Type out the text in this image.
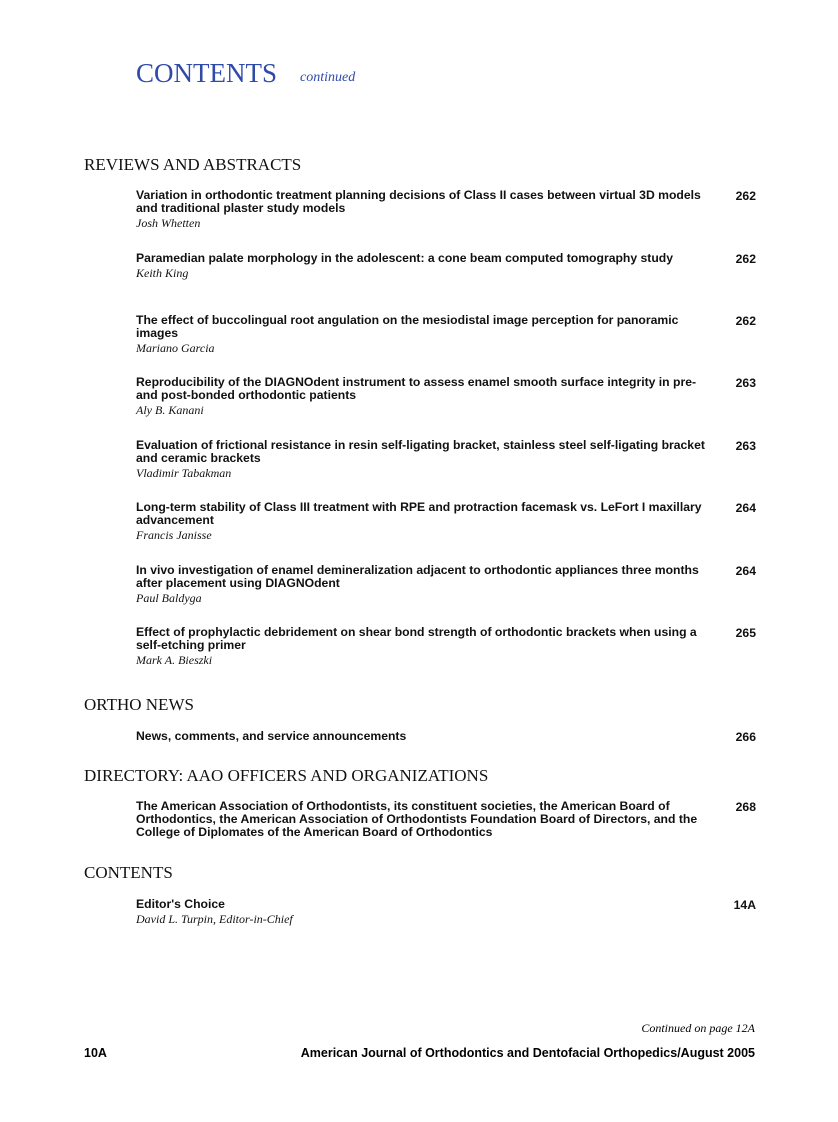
CONTENTS continued
Continued on page 12A
10A	American Journal of Orthodontics and Dentofacial Orthopedics/August 2005
REVIEWS AND ABSTRACTS
Variation in orthodontic treatment planning decisions of Class II cases between virtual 3D models and traditional plaster study models
Josh Whetten
262
Paramedian palate morphology in the adolescent: a cone beam computed tomography study
Keith King
262
The effect of buccolingual root angulation on the mesiodistal image perception for panoramic images
Mariano Garcia
262
Reproducibility of the DIAGNOdent instrument to assess enamel smooth surface integrity in pre- and post-bonded orthodontic patients
Aly B. Kanani
263
Evaluation of frictional resistance in resin self-ligating bracket, stainless steel self-ligating bracket and ceramic brackets
Vladimir Tabakman
263
Long-term stability of Class III treatment with RPE and protraction facemask vs. LeFort I maxillary advancement
Francis Janisse
264
In vivo investigation of enamel demineralization adjacent to orthodontic appliances three months after placement using DIAGNOdent
Paul Baldyga
264
Effect of prophylactic debridement on shear bond strength of orthodontic brackets when using a self-etching primer
Mark A. Bieszki
265
ORTHO NEWS
News, comments, and service announcements	266
DIRECTORY: AAO OFFICERS AND ORGANIZATIONS
The American Association of Orthodontists, its constituent societies, the American Board of Orthodontics, the American Association of Orthodontists Foundation Board of Directors, and the College of Diplomates of the American Board of Orthodontics
268
CONTENTS
Editor's Choice
David L. Turpin, Editor-in-Chief
14A
